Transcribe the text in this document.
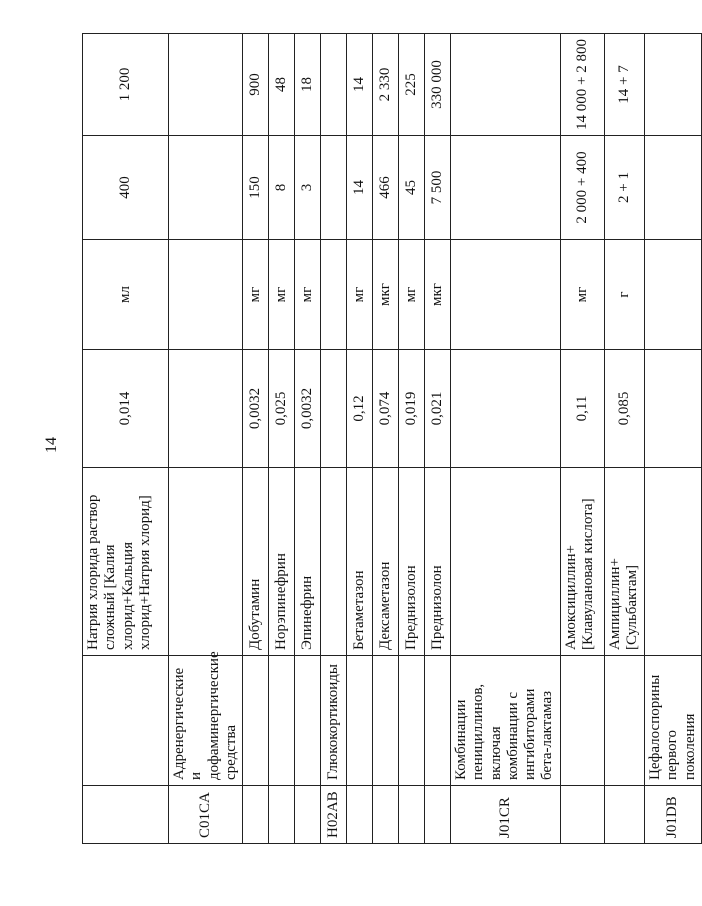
14
		Натрия хлорида раствор сложный [Калия хлорид+Кальция хлорид+Натрия хлорид]	0,014	мл	400	1 200
C01CA	Адренергические и дофаминергические средства					
		Добутамин	0,0032	мг	150	900
		Норэпинефрин	0,025	мг	8	48
		Эпинефрин	0,0032	мг	3	18
H02AB	Глюкокортикоиды					
		Бетаметазон	0,12	мг	14	14
		Дексаметазон	0,074	мкг	466	2 330
		Преднизолон	0,019	мг	45	225
		Преднизолон	0,021	мкг	7 500	330 000
J01CR	Комбинации пенициллинов, включая комбинации с ингибиторами бета-лактамаз					
		Амоксициллин+ [Клавулановая кислота]	0,11	мг	2 000 + 400	14 000 + 2 800
		Ампициллин+ [Сульбактам]	0,085	г	2 + 1	14 + 7
J01DB	Цефалоспорины первого поколения					
